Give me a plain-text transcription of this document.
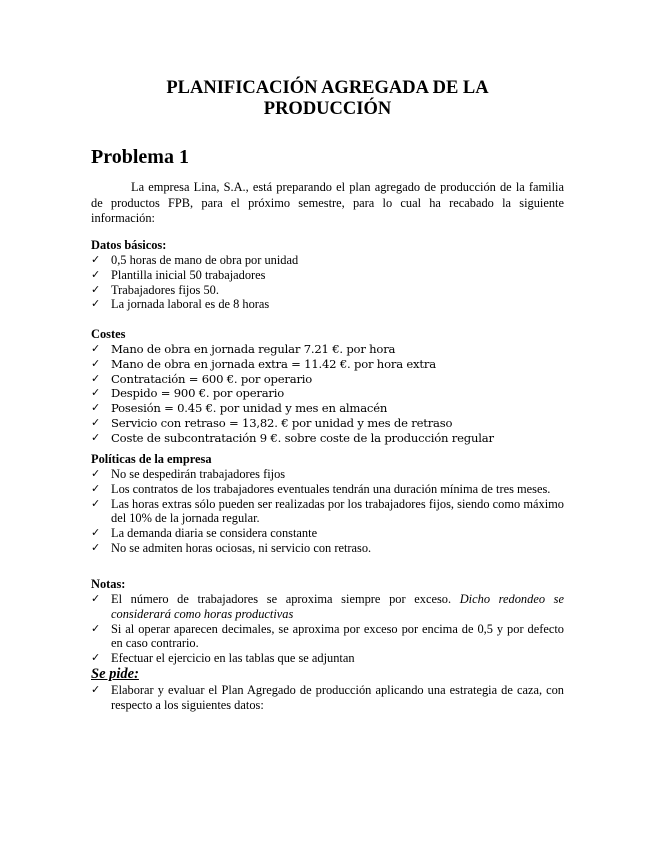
PLANIFICACIÓN AGREGADA DE LA
PRODUCCIÓN
Problema 1

La empresa Lina, S.A., está preparando el plan agregado de producción de la familia de productos FPB, para el próximo semestre, para lo cual ha recabado la siguiente información:

Datos básicos:
✓ 0,5 horas de mano de obra por unidad
✓ Plantilla inicial 50 trabajadores
✓ Trabajadores fijos 50.
✓ La jornada laboral es de 8 horas
Costes
✓ Mano de obra en jornada regular 7.21 €. por hora
✓ Mano de obra en jornada extra = 11.42 €. por hora extra
✓ Contratación = 600 €. por operario
✓ Despido = 900 €. por operario
✓ Posesión = 0.45 €. por unidad y mes en almacén
✓ Servicio con retraso = 13,82. € por unidad y mes de retraso
✓ Coste de subcontratación 9 €. sobre coste de la producción regular
Políticas de la empresa
✓ No se despedirán trabajadores fijos
✓ Los contratos de los trabajadores eventuales tendrán una duración mínima de tres meses.
✓ Las horas extras sólo pueden ser realizadas por los trabajadores fijos, siendo como máximo del 10% de la jornada regular.
✓ La demanda diaria se considera constante
✓ No se admiten horas ociosas, ni servicio con retraso.
Notas:
✓ El número de trabajadores se aproxima siempre por exceso. Dicho redondeo se considerará como horas productivas
✓ Si al operar aparecen decimales, se aproxima por exceso por encima de 0,5 y por defecto en caso contrario.
✓ Efectuar el ejercicio en las tablas que se adjuntan
Se pide:
✓ Elaborar y evaluar el Plan Agregado de producción aplicando una estrategia de caza, con respecto a los siguientes datos:
